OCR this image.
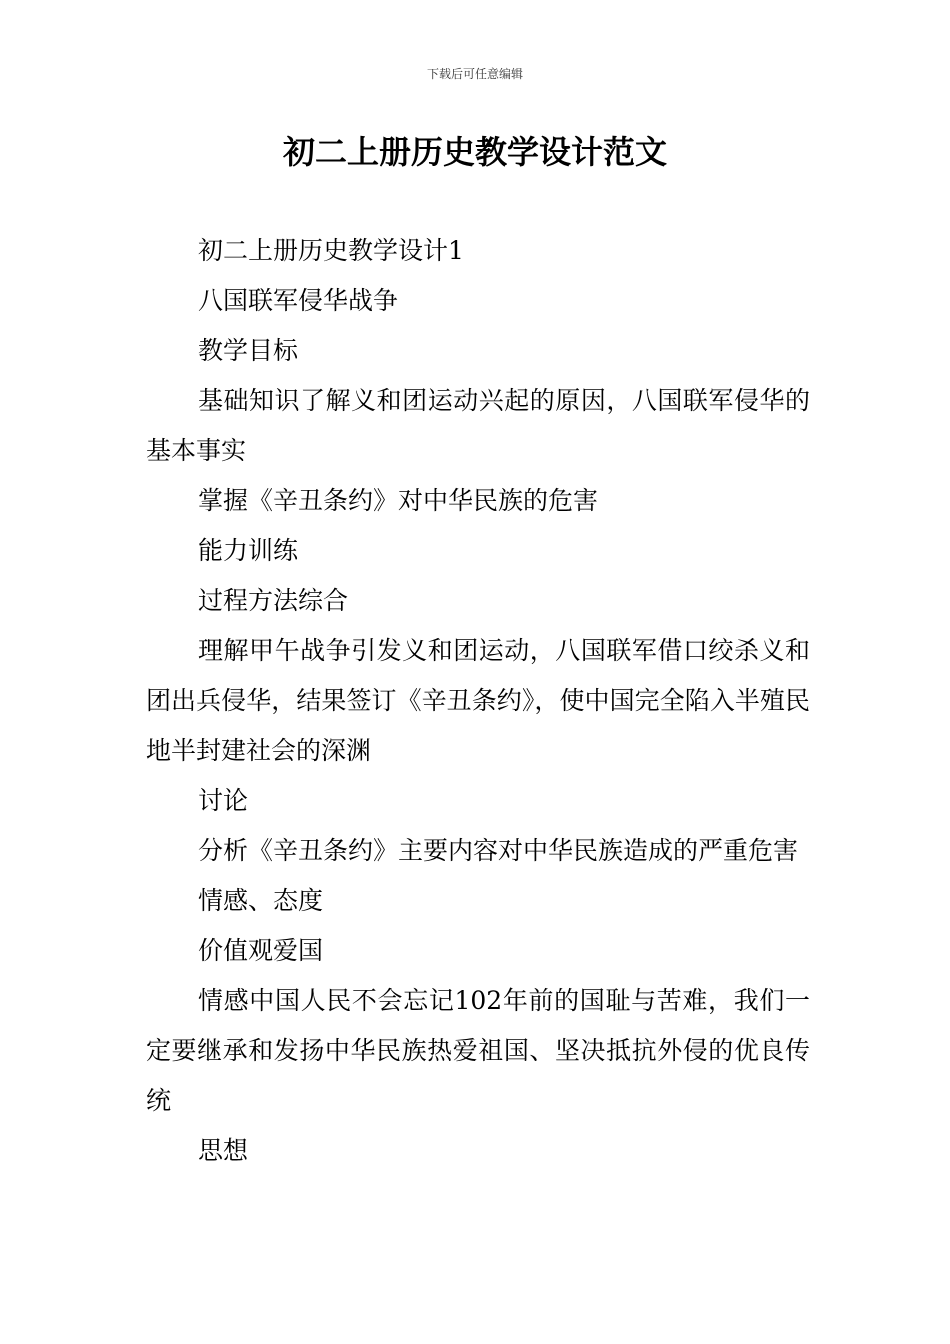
下载后可任意编辑
初二上册历史教学设计范文

初二上册历史教学设计1

八国联军侵华战争

教学目标

基础知识了解义和团运动兴起的原因，八国联军侵华的基本事实

掌握《辛丑条约》对中华民族的危害

能力训练

过程方法综合

理解甲午战争引发义和团运动，八国联军借口绞杀义和团出兵侵华，结果签订《辛丑条约》，使中国完全陷入半殖民地半封建社会的深渊

讨论

分析《辛丑条约》主要内容对中华民族造成的严重危害

情感、态度

价值观爱国

情感中国人民不会忘记102年前的国耻与苦难，我们一定要继承和发扬中华民族热爱祖国、坚决抵抗外侵的优良传统

思想
